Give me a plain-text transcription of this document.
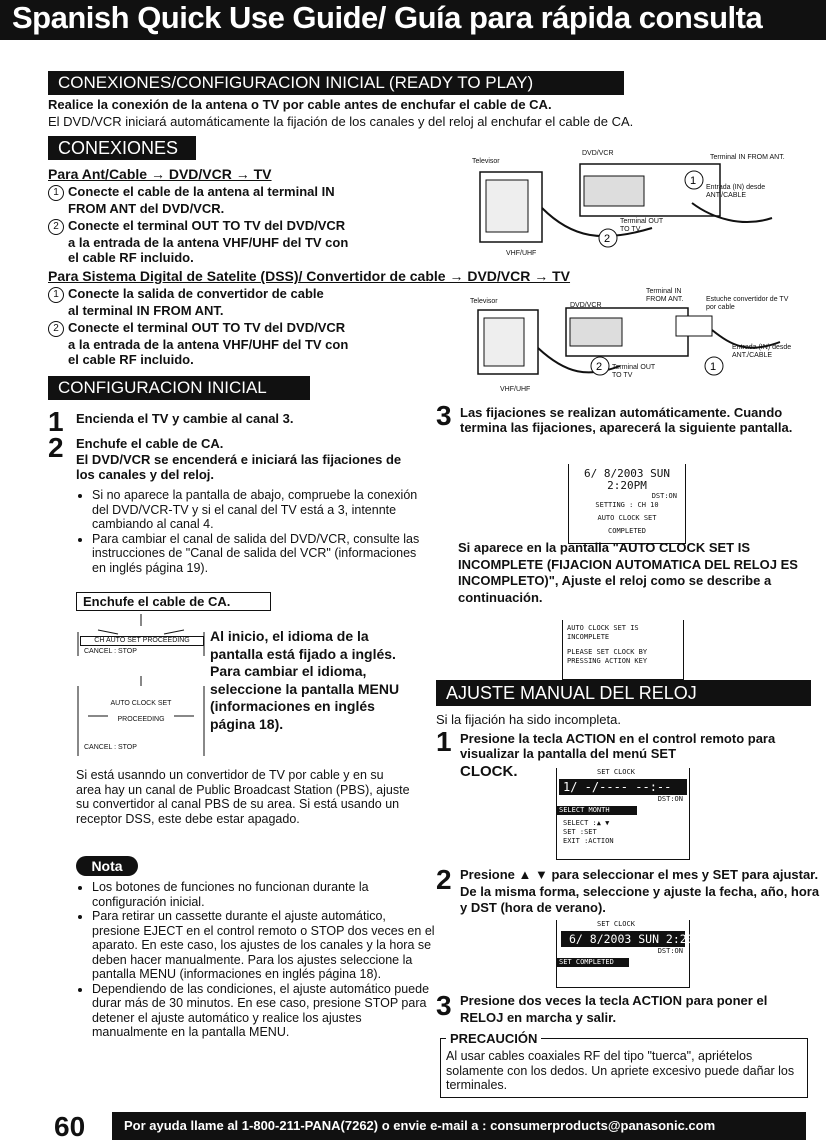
Spanish Quick Use Guide/ Guía para rápida consulta
CONEXIONES/CONFIGURACION INICIAL (READY TO PLAY)
Realice la conexión de la antena o TV por cable antes de enchufar el cable de CA.
El DVD/VCR iniciará automáticamente la fijación de los canales y del reloj al enchufar el cable de CA.
CONEXIONES
Para Ant/Cable → DVD/VCR → TV
1 Conecte el cable de la antena al terminal IN
FROM ANT del DVD/VCR.
2 Conecte el terminal OUT TO TV del DVD/VCR
a la entrada de la antena VHF/UHF del TV con
el cable RF incluido.
1
2
Televisor
DVD/VCR
Terminal IN FROM ANT.
Entrada (IN) desde ANT./CABLE
Terminal OUT TO TV
VHF/UHF
Para Sistema Digital de Satelite (DSS)/ Convertidor de cable → DVD/VCR → TV
1 Conecte la salida de convertidor de cable
al terminal IN FROM ANT.
2 Conecte el terminal OUT TO TV del DVD/VCR
a la entrada de la antena VHF/UHF del TV con
el cable RF incluido.	2	1
Televisor
DVD/VCR
Terminal IN FROM ANT.	Estuche convertidor de TV por cable
Entrada (IN) desde ANT./CABLE
Terminal OUT TO TV
VHF/UHF
CONFIGURACION INICIAL
1 Encienda el TV y cambie al canal 3.
2 Enchufe el cable de CA.
El DVD/VCR se encenderá e iniciará las fijaciones de los canales y del reloj.
• Si no aparece la pantalla de abajo, compruebe la conexión del DVD/VCR-TV y si el canal del TV está a 3, intennte cambiando al canal 4.
• Para cambiar el canal de salida del DVD/VCR, consulte las instrucciones de "Canal de salida del VCR" (informaciones en inglés página 19).
Enchufe el cable de CA.
CH AUTO SET PROCEEDING
CANCEL : STOP
AUTO CLOCK SET
PROCEEDING
CANCEL : STOP
Al inicio, el idioma de la pantalla está fijado a inglés. Para cambiar el idioma, seleccione la pantalla MENU (informaciones en inglés página 18).
Si está usanndo un convertidor de TV por cable y en su area hay un canal de Public Broadcast Station (PBS), ajuste su convertidor al canal PBS de su area. Si está usando un receptor DSS, este debe estar apagado.
Nota
• Los botones de funciones no funcionan durante la configuración inicial.
• Para retirar un cassette durante el ajuste automático, presione EJECT en el control remoto o STOP dos veces en el aparato. En este caso, los ajustes de los canales y la hora se deben hacer manualmente. Para los ajustes seleccione la pantalla MENU (informaciones en inglés página 18).
• Dependiendo de las condiciones, el ajuste automático puede durar más de 30 minutos. En ese caso, presione STOP para detener el ajuste automático y realice los ajustes manualmente en la pantalla MENU.
3 Las fijaciones se realizan automáticamente. Cuando termina las fijaciones, aparecerá la siguiente pantalla.
6/ 8/2003 SUN 2:20PM
DST:ON
SETTING : CH 10
AUTO CLOCK SET
COMPLETED
Si aparece en la pantalla "AUTO CLOCK SET IS INCOMPLETE (FIJACION AUTOMATICA DEL RELOJ ES INCOMPLETO)", Ajuste el reloj como se describe a continuación.
AUTO CLOCK SET IS
INCOMPLETE
PLEASE SET CLOCK BY
PRESSING ACTION KEY
AJUSTE MANUAL DEL RELOJ
Si la fijación ha sido incompleta.
1 Presione la tecla ACTION en el control remoto para visualizar la pantalla del menú SET
CLOCK.	SET CLOCK
1/ -/---- --:--
DST:ON
SELECT MONTH
SELECT :▲ ▼
SET :SET
EXIT :ACTION
2 Presione ▲ ▼ para seleccionar el mes y SET para ajustar. De la misma forma, seleccione y ajuste la fecha, año, hora y DST (hora de verano).
SET CLOCK
6/ 8/2003 SUN 2:20PM
DST:ON
SET COMPLETED
3 Presione dos veces la tecla ACTION para poner el RELOJ en marcha y salir.
PRECAUCIÓN
Al usar cables coaxiales RF del tipo "tuerca", apriételos solamente con los dedos. Un apriete excesivo puede dañar los terminales.
60	Por ayuda llame al 1-800-211-PANA(7262) o envie e-mail a : consumerproducts@panasonic.com
